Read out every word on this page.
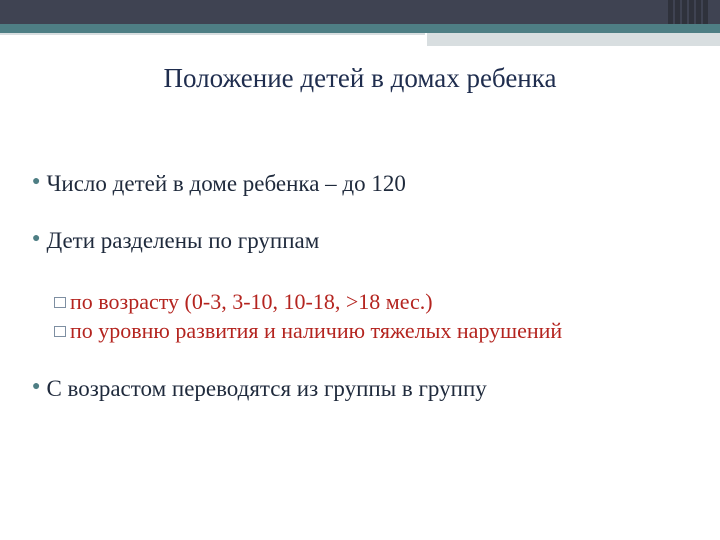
Положение детей в домах ребенка
● Число детей в доме ребенка – до 120
● Дети разделены по группам
по возрасту (0-3, 3-10, 10-18, >18 мес.)
по уровню развития и наличию тяжелых нарушений
● С возрастом переводятся из группы в группу
